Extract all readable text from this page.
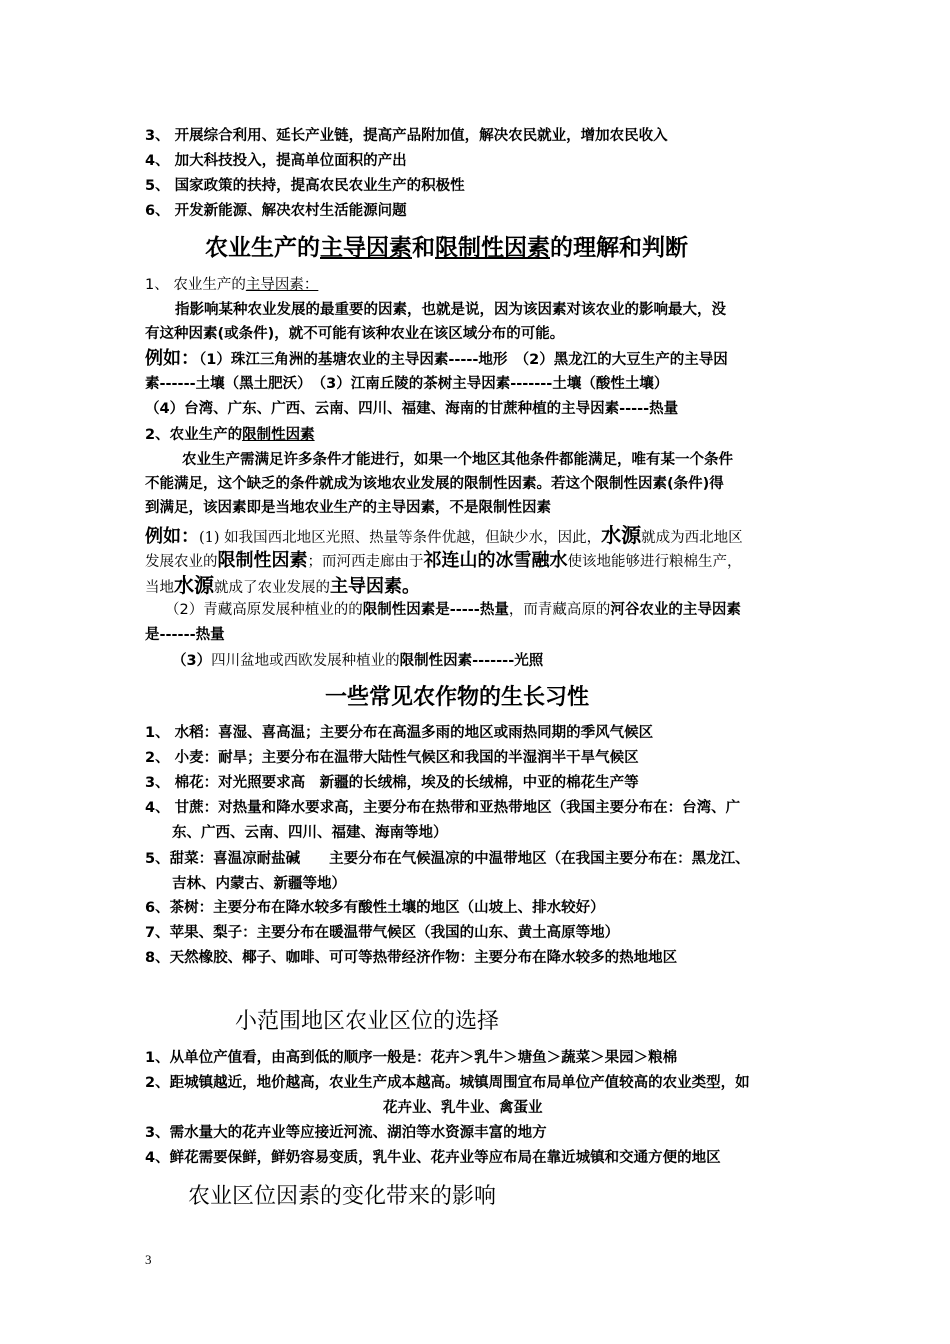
3、 开展综合利用、延长产业链，提高产品附加值，解决农民就业，增加农民收入
4、 加大科技投入，提高单位面积的产出
5、 国家政策的扶持，提高农民农业生产的积极性
6、 开发新能源、解决农村生活能源问题
农业生产的主导因素和限制性因素的理解和判断
1、 农业生产的主导因素：
指影响某种农业发展的最重要的因素，也就是说，因为该因素对该农业的影响最大，没
有这种因素(或条件)，就不可能有该种农业在该区域分布的可能。
例如：（1）珠江三角洲的基塘农业的主导因素-----地形　（2）黑龙江的大豆生产的主导因
素------土壤（黑土肥沃）　（3）江南丘陵的茶树主导因素-------土壤（酸性土壤）
（4）台湾、广东、广西、云南、四川、福建、海南的甘蔗种植的主导因素-----热量
2、农业生产的限制性因素
农业生产需满足许多条件才能进行，如果一个地区其他条件都能满足，唯有某一个条件
不能满足，这个缺乏的条件就成为该地农业发展的限制性因素。若这个限制性因素(条件)得
到满足，该因素即是当地农业生产的主导因素，不是限制性因素
例如：(1) 如我国西北地区光照、热量等条件优越，但缺少水，因此，水源就成为西北地区
发展农业的限制性因素；而河西走廊由于祁连山的冰雪融水使该地能够进行粮棉生产，
当地水源就成了农业发展的主导因素。
（2）青藏高原发展种植业的的限制性因素是-----热量，而青藏高原的河谷农业的主导因素
是------热量
（3）四川盆地或西欧发展种植业的限制性因素-------光照
一些常见农作物的生长习性
1、 水稻：喜湿、喜高温；主要分布在高温多雨的地区或雨热同期的季风气候区
2、 小麦：耐旱；主要分布在温带大陆性气候区和我国的半湿润半干旱气候区
3、 棉花：对光照要求高　新疆的长绒棉，埃及的长绒棉，中亚的棉花生产等
4、 甘蔗：对热量和降水要求高，主要分布在热带和亚热带地区（我国主要分布在：台湾、广
东、广西、云南、四川、福建、海南等地）
5、甜菜：喜温凉耐盐碱　　主要分布在气候温凉的中温带地区（在我国主要分布在：黑龙江、
吉林、内蒙古、新疆等地）
6、茶树：主要分布在降水较多有酸性土壤的地区（山坡上、排水较好）
7、苹果、梨子：主要分布在暖温带气候区（我国的山东、黄土高原等地）
8、天然橡胶、椰子、咖啡、可可等热带经济作物：主要分布在降水较多的热地地区
小范围地区农业区位的选择
1、从单位产值看，由高到低的顺序一般是：花卉＞乳牛＞塘鱼＞蔬菜＞果园＞粮棉
2、距城镇越近，地价越高，农业生产成本越高。城镇周围宜布局单位产值较高的农业类型，如
花卉业、乳牛业、禽蛋业
3、需水量大的花卉业等应接近河流、湖泊等水资源丰富的地方
4、鲜花需要保鲜，鲜奶容易变质，乳牛业、花卉业等应布局在靠近城镇和交通方便的地区
农业区位因素的变化带来的影响
3
